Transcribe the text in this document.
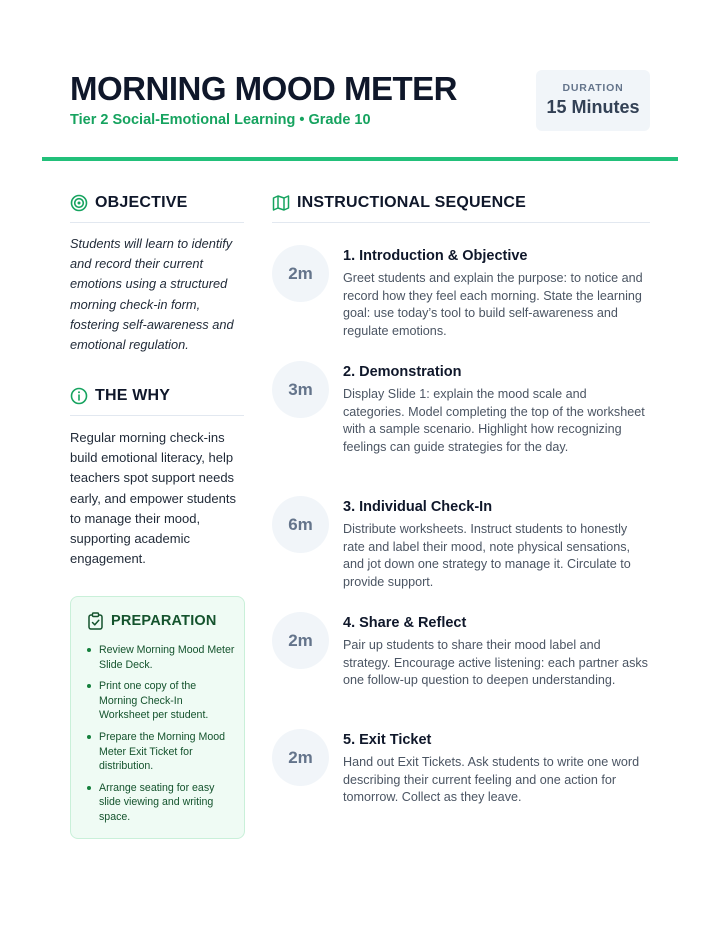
MORNING MOOD METER
Tier 2 Social-Emotional Learning • Grade 10
DURATION
15 Minutes
OBJECTIVE
Students will learn to identify and record their current emotions using a structured morning check-in form, fostering self-awareness and emotional regulation.
THE WHY
Regular morning check-ins build emotional literacy, help teachers spot support needs early, and empower students to manage their mood, supporting academic engagement.
PREPARATION
Review Morning Mood Meter Slide Deck.
Print one copy of the Morning Check-In Worksheet per student.
Prepare the Morning Mood Meter Exit Ticket for distribution.
Arrange seating for easy slide viewing and writing space.
INSTRUCTIONAL SEQUENCE
2m
1. Introduction & Objective
Greet students and explain the purpose: to notice and record how they feel each morning. State the learning goal: use today’s tool to build self-awareness and regulate emotions.
3m
2. Demonstration
Display Slide 1: explain the mood scale and categories. Model completing the top of the worksheet with a sample scenario. Highlight how recognizing feelings can guide strategies for the day.
6m
3. Individual Check-In
Distribute worksheets. Instruct students to honestly rate and label their mood, note physical sensations, and jot down one strategy to manage it. Circulate to provide support.
2m
4. Share & Reflect
Pair up students to share their mood label and strategy. Encourage active listening: each partner asks one follow-up question to deepen understanding.
2m
5. Exit Ticket
Hand out Exit Tickets. Ask students to write one word describing their current feeling and one action for tomorrow. Collect as they leave.
